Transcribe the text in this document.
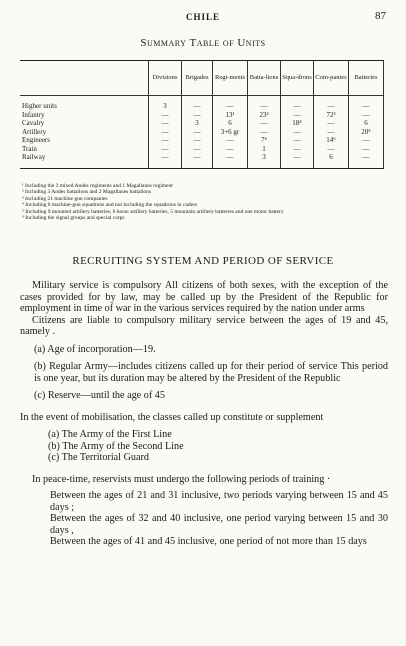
CHILE	87
Summary Table of Units
	Divisions	Brigades	Regi-ments	Batta-lions	Squa-drons	Com-panies	Batteries
Higher units	3	—	—	—	—	—	—
Infantry	—	—	13¹	23²	—	72³	—
Cavalry	—	3	6	—	18⁴	—	6
Artillery	—	—	3+6 gr	—	—	—	20⁵
Engineers	—	—	—	7⁶	—	14⁶	—
Train	—	—	—	1	—	—	—
Railway	—	—	—	3	—	6	—
¹ Including the 3 mixed Andes regiments and 1 Magallanes regiment
² Including 3 Andes battalions and 2 Magallanes battalions
³ Including 21 machine gun companies
⁴ Including 6 machine-gun squadrons and not including the squadrons in cadres
⁵ Including 9 mounted artillery batteries, 6 horse artillery batteries, 5 mountain artillery batteries and one motor battery
⁶ Including the signal groups and special corps
RECRUITING SYSTEM AND PERIOD OF SERVICE

Military service is compulsory All citizens of both sexes, with the exception of the cases provided for by law, may be called up by the President of the Republic for employment in time of war in the various services required by the nation under arms

Citizens are liable to compulsory military service between the ages of 19 and 45, namely .

(a) Age of incorporation—19.

(b) Regular Army—includes citizens called up for their period of service This period is one year, but its duration may be altered by the President of the Republic

(c) Reserve—until the age of 45

In the event of mobilisation, the classes called up constitute or supplement

(a) The Army of the First Line

(b) The Army of the Second Line

(c) The Territorial Guard

In peace-time, reservists must undergo the following periods of training ·

Between the ages of 21 and 31 inclusive, two periods varying between 15 and 45 days ;

Between the ages of 32 and 40 inclusive, one period varying between 15 and 30 days ,

Between the ages of 41 and 45 inclusive, one period of not more than 15 days
